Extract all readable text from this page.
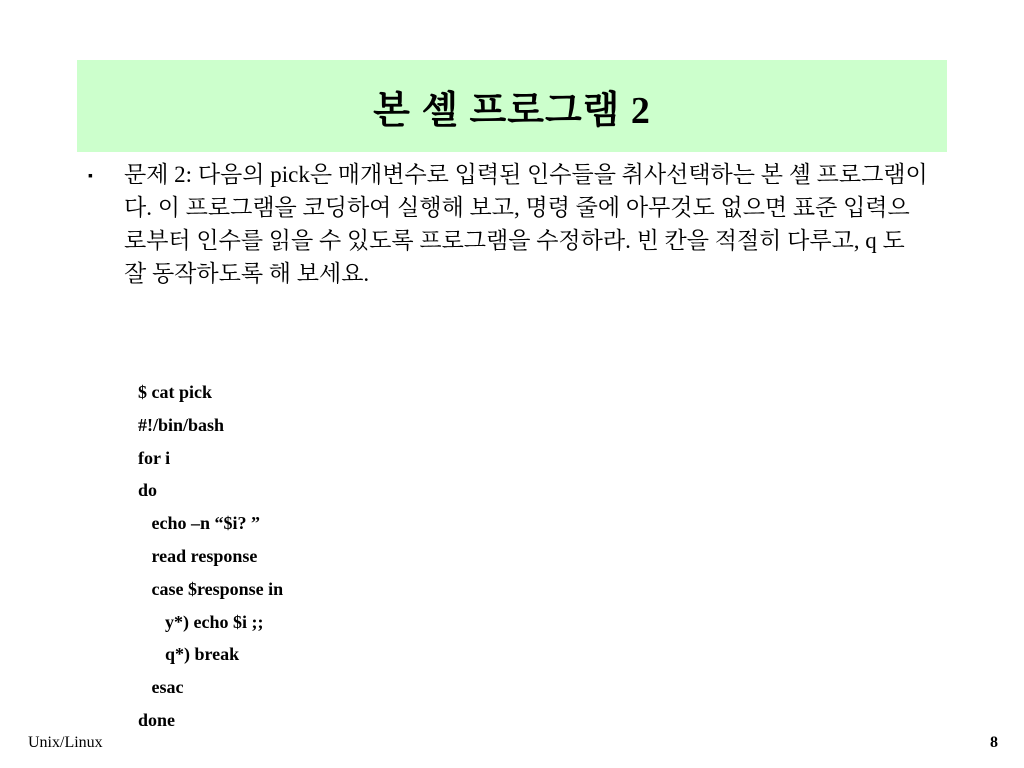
본 셸 프로그램 2
▪	문제 2: 다음의 pick은 매개변수로 입력된 인수들을 취사선택하는 본 셸 프로그램이다. 이 프로그램을 코딩하여 실행해 보고, 명령 줄에 아무것도 없으면 표준 입력으로부터 인수를 읽을 수 있도록 프로그램을 수정하라. 빈 칸을 적절히 다루고, q 도 잘 동작하도록 해 보세요.
$ cat pick
#!/bin/bash
for i
do
echo –n “$i? ”
read response
case $response in
y*) echo $i ;;
q*) break
esac
done
Unix/Linux	8
